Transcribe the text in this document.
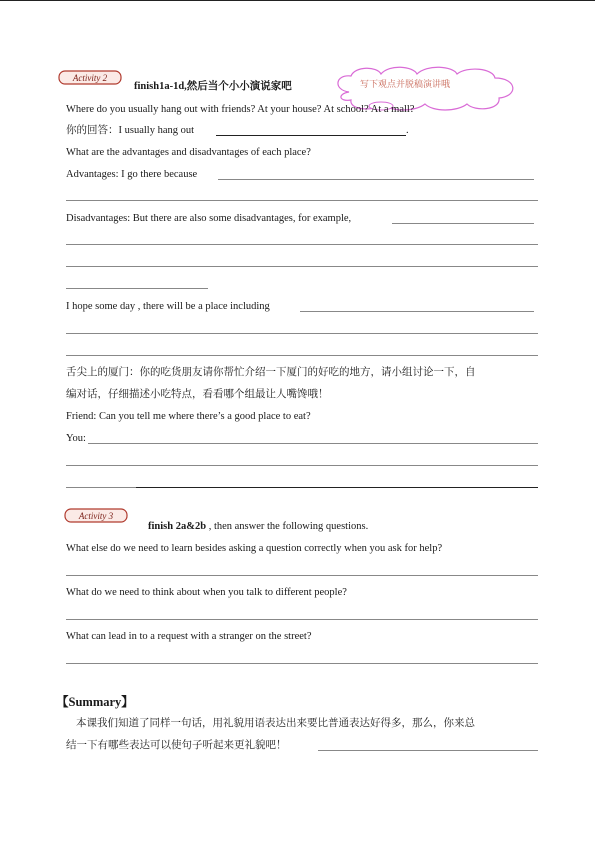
Activity 2
finish1a-1d,然后当个小小演说家吧	写下观点并脱稿演讲哦
Where do you usually hang out with friends? At your house? At school? At a mall?
你的回答：I usually hang out	.
What are the advantages and disadvantages of each place?
Advantages: I go there because
Disadvantages: But there are also some disadvantages, for example,
I hope some day , there will be a place including
舌尖上的厦门：你的吃货朋友请你帮忙介绍一下厦门的好吃的地方，请小组讨论一下，自
编对话，仔细描述小吃特点，看看哪个组最让人嘴馋哦！
Friend: Can you tell me where there’s a good place to eat?
You:
Activity 3
finish 2a&2b , then answer the following questions.
What else do we need to learn besides asking a question correctly when you ask for help?
What do we need to think about when you talk to different people?
What can lead in to a request with a stranger on the street?
【Summary】
本课我们知道了同样一句话，用礼貌用语表达出来要比普通表达好得多，那么，你来总
结一下有哪些表达可以使句子听起来更礼貌吧！
